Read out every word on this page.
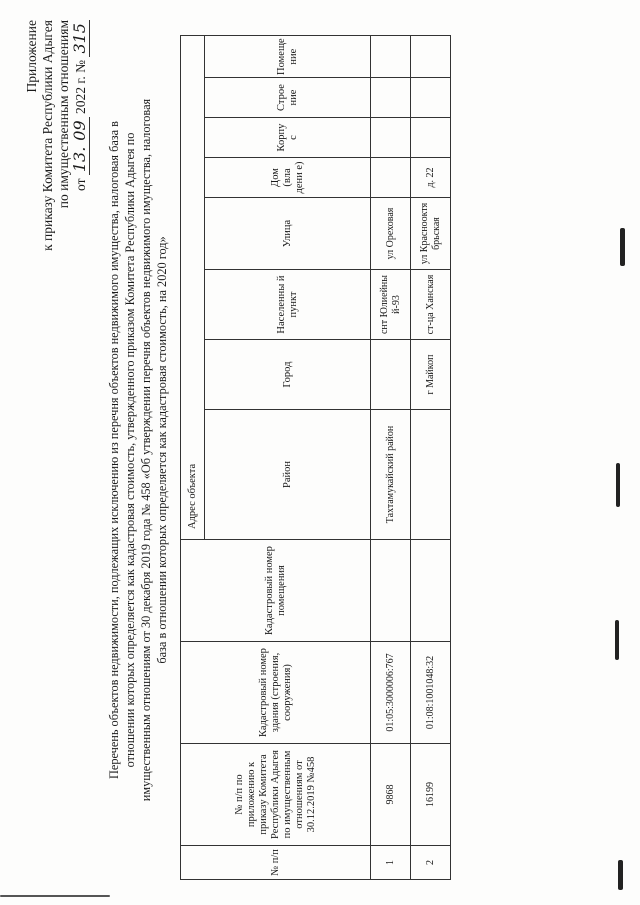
Приложение к приказу Комитета Республики Адыгея по имущественным отношениям от 13.09 2022 г. № 315
Перечень объектов недвижимости, подлежащих исключению из перечня объектов недвижимого имущества, налоговая база в отношении которых определяется как кадастровая стоимость, утвержденного приказом Комитета Республики Адыгея по имущественным отношениям от 30 декабря 2019 года № 458 «Об утверждении перечня объектов недвижимого имущества, налоговая база в отношении которых определяется как кадастровая стоимость, на 2020 год»
№ п/п	№ п/п по приложению к приказу Комитета Республики Адыгея по имущественным отношениям от 30.12.2019 №458	Кадастровый номер здания (строения, сооружения)	Кадастровый номер помещения	Адрес объекта							
				Район	Город	Населенны й пункт	Улица	Дом (вла дени е)	Корпу с	Строе ние	Помеще ние
1	9868	01:05:3000006:767		Тахтамукайский район		снт Юлиейны й-93	ул Ореховая				
2	16199	01:08:1001048:32			г Майкоп	ст-ца Ханская	ул Краснооктя брьская	д. 22			
